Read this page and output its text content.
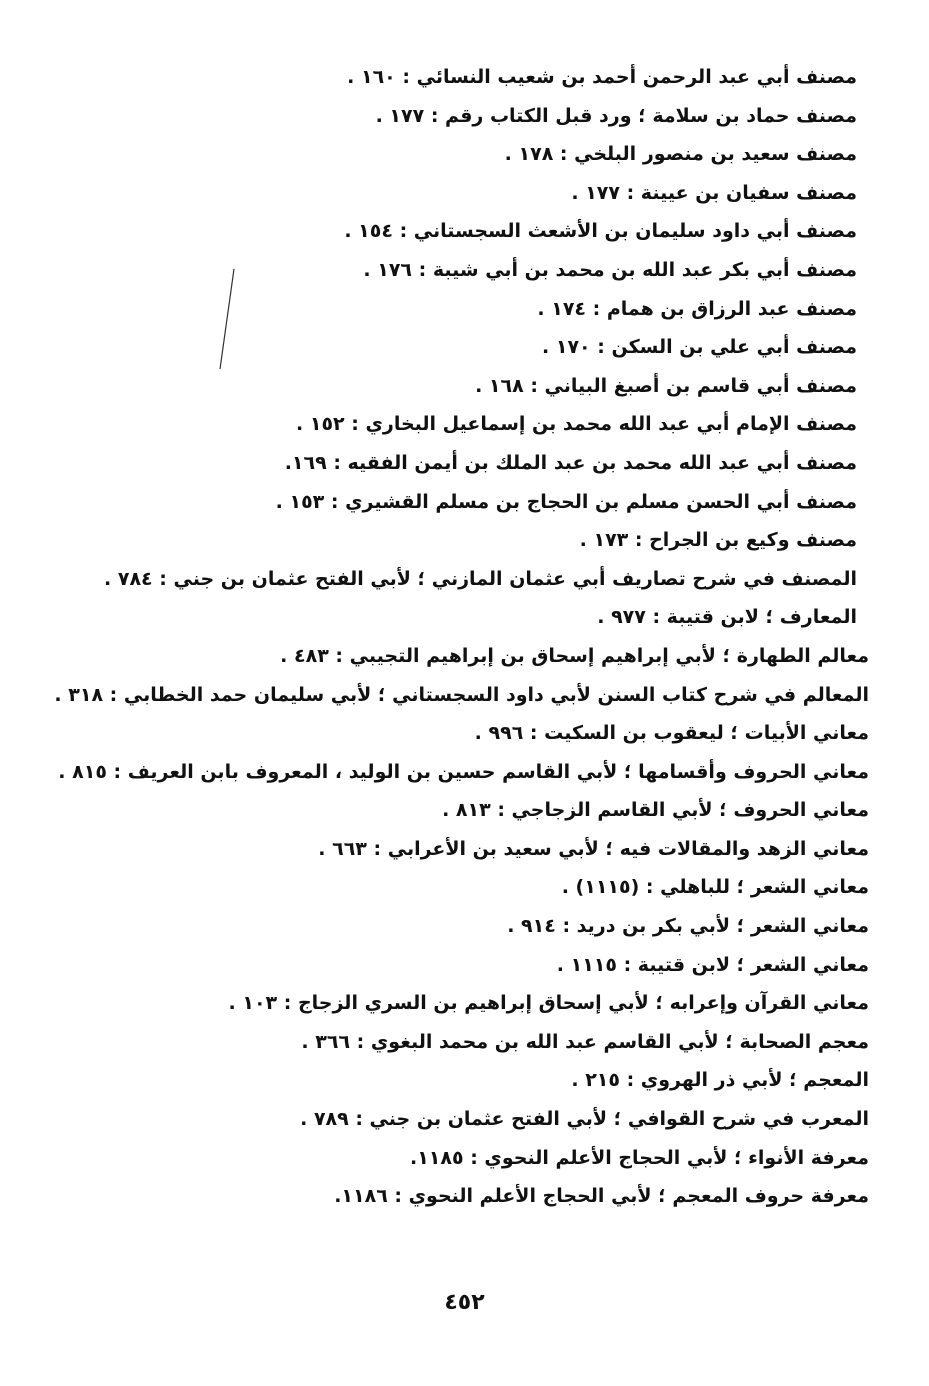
مصنف أبي عبد الرحمن أحمد بن شعيب النسائي : ١٦٠ .
مصنف حماد بن سلامة ؛ ورد قبل الكتاب رقم : ١٧٧ .
مصنف سعيد بن منصور البلخي : ١٧٨ .
مصنف سفيان بن عيينة : ١٧٧ .
مصنف أبي داود سليمان بن الأشعث السجستاني : ١٥٤ .
مصنف أبي بكر عبد الله بن محمد بن أبي شيبة : ١٧٦ .
مصنف عبد الرزاق بن همام : ١٧٤ .
مصنف أبي علي بن السكن : ١٧٠ .
مصنف أبي قاسم بن أصبغ البياني : ١٦٨ .
مصنف الإمام أبي عبد الله محمد بن إسماعيل البخاري : ١٥٢ .
مصنف أبي عبد الله محمد بن عبد الملك بن أيمن الفقيه : ١٦٩.
مصنف أبي الحسن مسلم بن الحجاج بن مسلم القشيري : ١٥٣ .
مصنف وكيع بن الجراح : ١٧٣ .
المصنف في شرح تصاريف أبي عثمان المازني ؛ لأبي الفتح عثمان بن جني : ٧٨٤ .
المعارف ؛ لابن قتيبة : ٩٧٧ .
معالم الطهارة ؛ لأبي إبراهيم إسحاق بن إبراهيم التجيبي : ٤٨٣ .
المعالم في شرح كتاب السنن لأبي داود السجستاني ؛ لأبي سليمان حمد الخطابي : ٣١٨ .
معاني الأبيات ؛ ليعقوب بن السكيت : ٩٩٦ .
معاني الحروف وأقسامها ؛ لأبي القاسم حسين بن الوليد ، المعروف بابن العريف : ٨١٥ .
معاني الحروف ؛ لأبي القاسم الزجاجي : ٨١٣ .
معاني الزهد والمقالات فيه ؛ لأبي سعيد بن الأعرابي : ٦٦٣ .
معاني الشعر ؛ للباهلي : (١١١٥) .
معاني الشعر ؛ لأبي بكر بن دريد : ٩١٤ .
معاني الشعر ؛ لابن قتيبة : ١١١٥ .
معاني القرآن وإعرابه ؛ لأبي إسحاق إبراهيم بن السري الزجاج : ١٠٣ .
معجم الصحابة ؛ لأبي القاسم عبد الله بن محمد البغوي : ٣٦٦ .
المعجم ؛ لأبي ذر الهروي : ٢١٥ .
المعرب في شرح القوافي ؛ لأبي الفتح عثمان بن جني : ٧٨٩ .
معرفة الأنواء ؛ لأبي الحجاج الأعلم النحوي : ١١٨٥.
معرفة حروف المعجم ؛ لأبي الحجاج الأعلم النحوي : ١١٨٦.
٤٥٢
